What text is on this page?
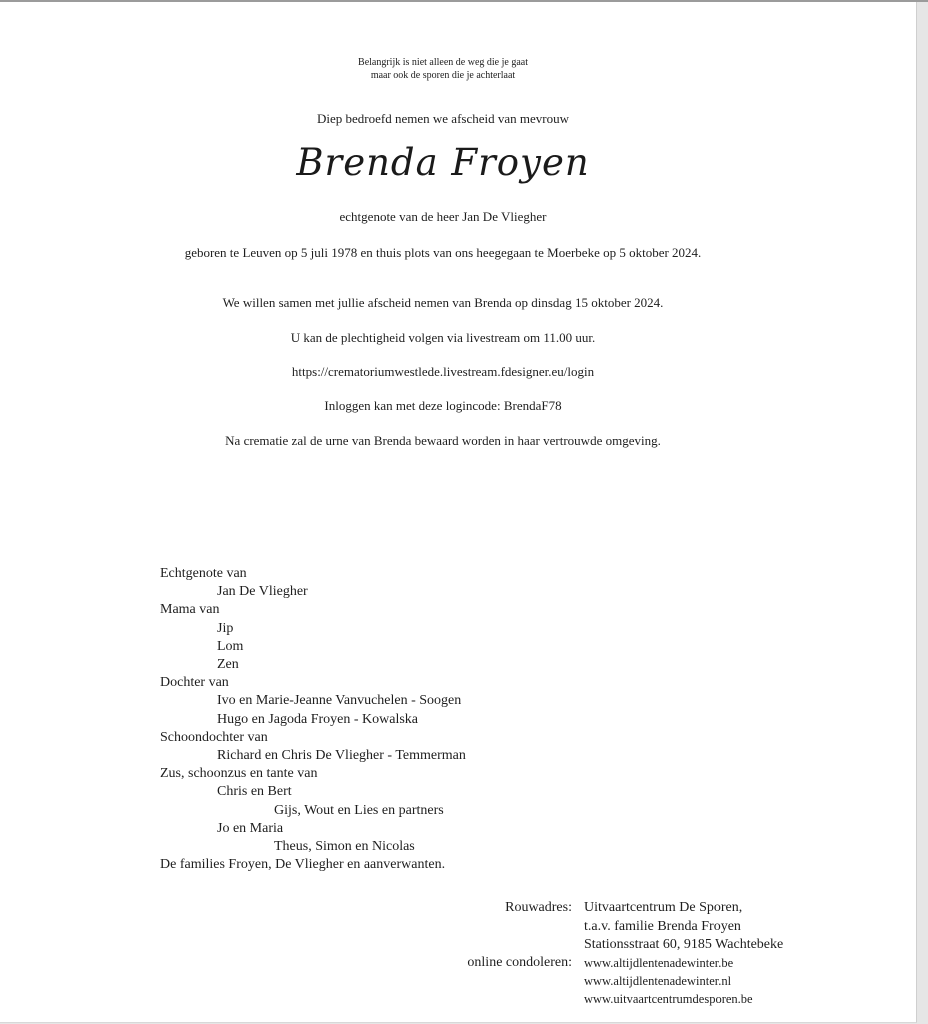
Belangrijk is niet alleen de weg die je gaat
maar ook de sporen die je achterlaat
Diep bedroefd nemen we afscheid van mevrouw
Brenda Froyen
echtgenote van de heer Jan De Vliegher
geboren te Leuven op 5 juli 1978 en thuis plots van ons heegegaan te Moerbeke op 5 oktober 2024.
We willen samen met jullie afscheid nemen van Brenda op dinsdag 15 oktober 2024.
U kan de plechtigheid volgen via livestream om 11.00 uur.
https://crematoriumwestlede.livestream.fdesigner.eu/login
Inloggen kan met deze logincode: BrendaF78
Na crematie zal de urne van Brenda bewaard worden in haar vertrouwde omgeving.
Echtgenote van
Jan De Vliegher
Mama van
Jip
Lom
Zen
Dochter van
Ivo en Marie-Jeanne Vanvuchelen - Soogen
Hugo en Jagoda Froyen - Kowalska
Schoondochter van
Richard en Chris De Vliegher - Temmerman
Zus, schoonzus en tante van
Chris en Bert
Gijs, Wout en Lies en partners
Jo en Maria
Theus, Simon en Nicolas
De families Froyen, De Vliegher en aanverwanten.
Rouwadres: Uitvaartcentrum De Sporen,
t.a.v. familie Brenda Froyen
Stationsstraat 60, 9185 Wachtebeke
online condoleren: www.altijdlentenadewinter.be
www.altijdlentenadewinter.nl
www.uitvaartcentrumdesporen.be
